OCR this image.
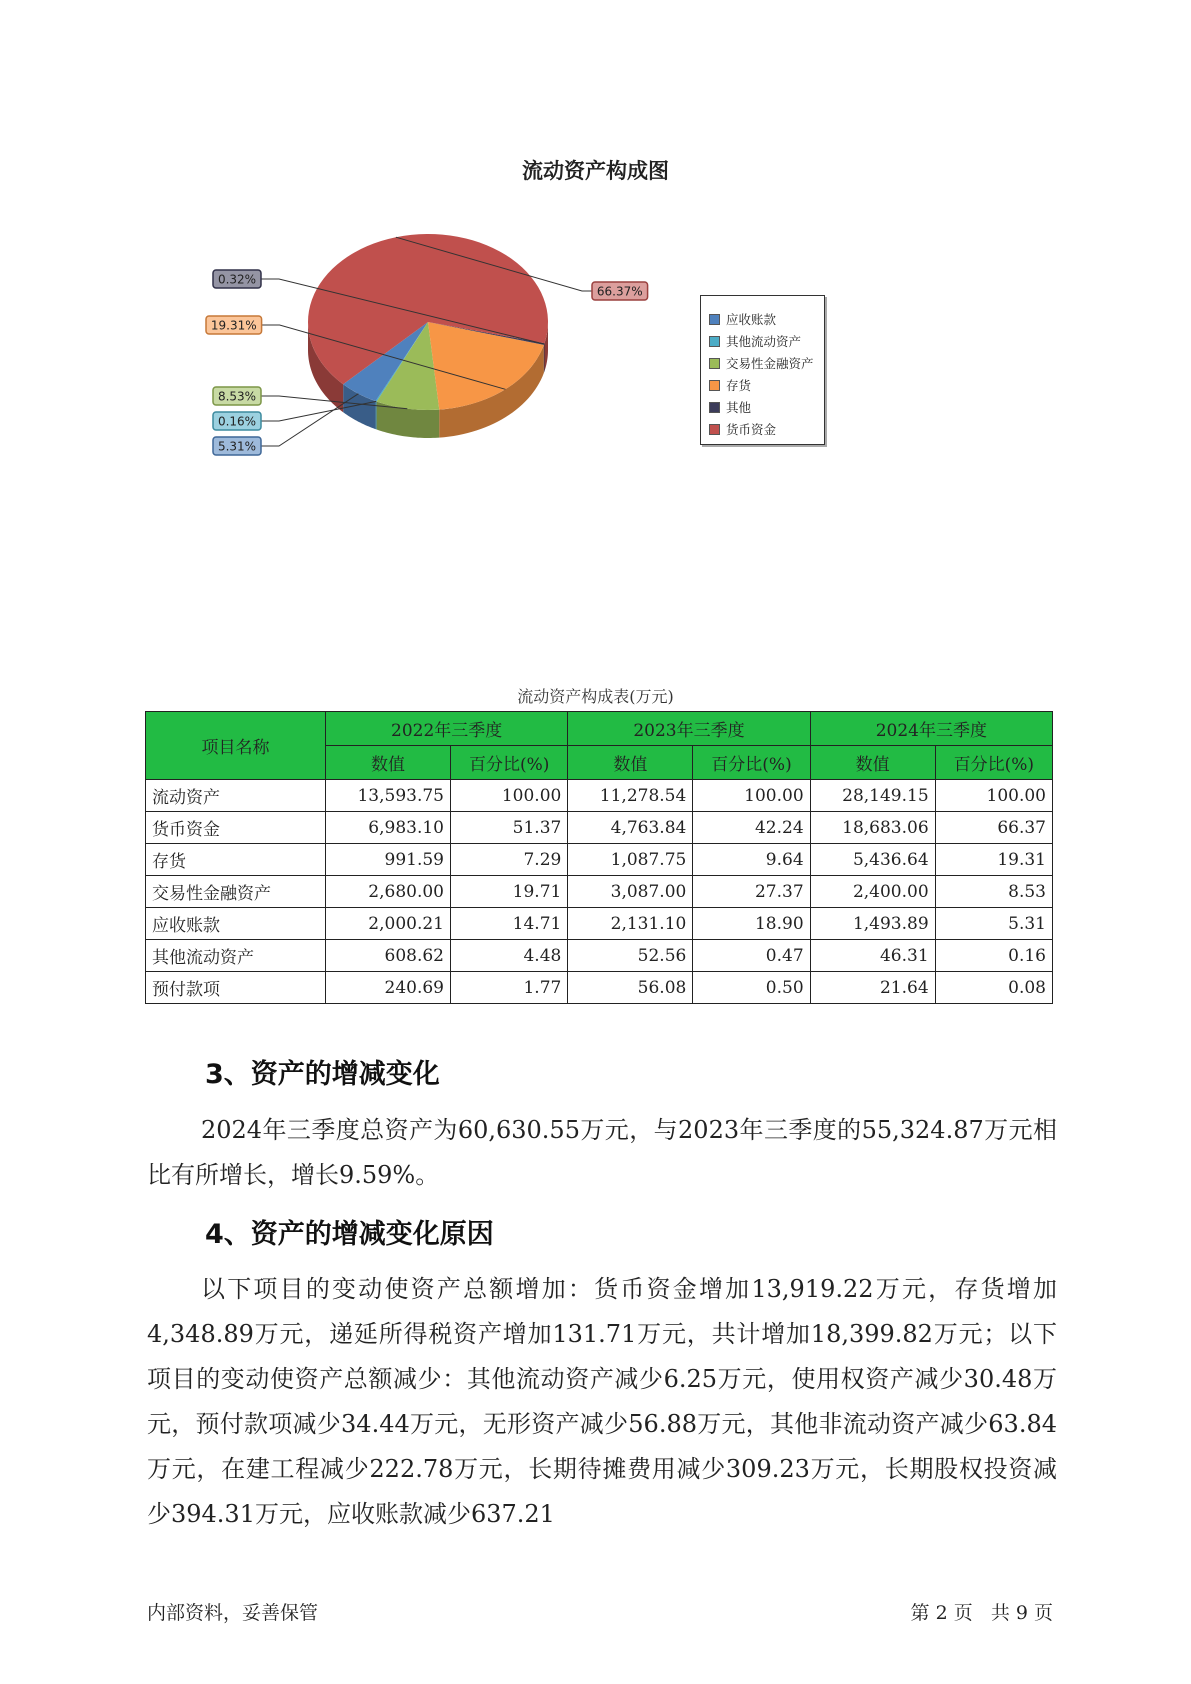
流动资产构成图
5.31%
0.16%
8.53%
19.31%
0.32%
66.37%
应收账款
其他流动资产
交易性金融资产
存货
其他
货币资金
流动资产构成表(万元)
项目名称	2022年三季度		2023年三季度		2024年三季度	
	数值	百分比(%)	数值	百分比(%)	数值	百分比(%)
流动资产	13,593.75	100.00	11,278.54	100.00	28,149.15	100.00
货币资金	6,983.10	51.37	4,763.84	42.24	18,683.06	66.37
存货	991.59	7.29	1,087.75	9.64	5,436.64	19.31
交易性金融资产	2,680.00	19.71	3,087.00	27.37	2,400.00	8.53
应收账款	2,000.21	14.71	2,131.10	18.90	1,493.89	5.31
其他流动资产	608.62	4.48	52.56	0.47	46.31	0.16
预付款项	240.69	1.77	56.08	0.50	21.64	0.08
3、资产的增减变化

2024年三季度总资产为60,630.55万元，与2023年三季度的55,324.87万元相比有所增长，增长9.59%。

4、资产的增减变化原因

以下项目的变动使资产总额增加：货币资金增加13,919.22万元，存货增加4,348.89万元，递延所得税资产增加131.71万元，共计增加18,399.82万元；以下项目的变动使资产总额减少：其他流动资产减少6.25万元，使用权资产减少30.48万元，预付款项减少34.44万元，无形资产减少56.88万元，其他非流动资产减少63.84万元，在建工程减少222.78万元，长期待摊费用减少309.23万元，长期股权投资减少394.31万元，应收账款减少637.21

内部资料，妥善保管	第 2 页   共 9 页
